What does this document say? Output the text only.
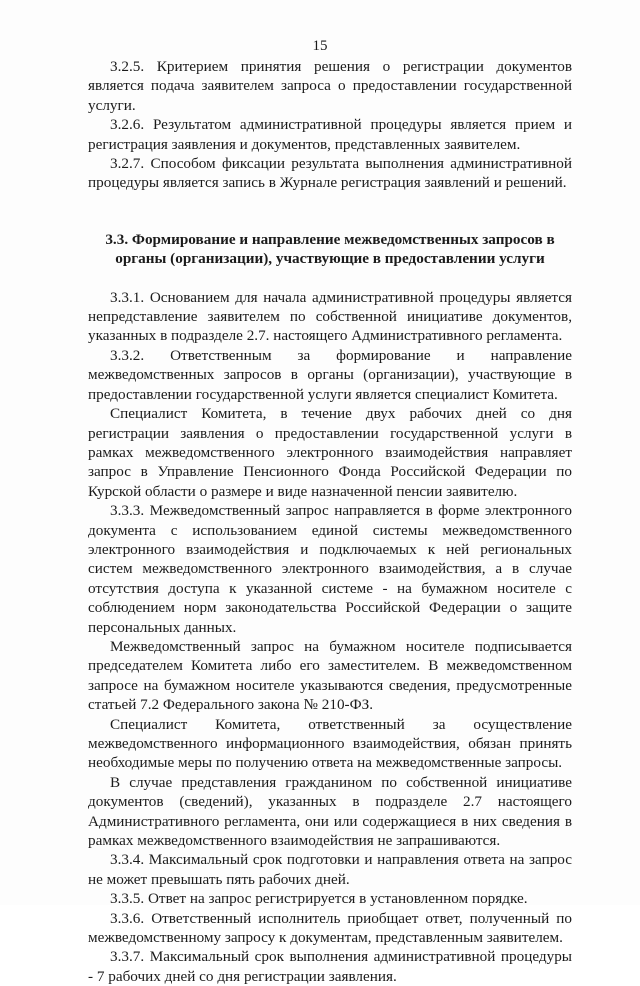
15

3.2.5. Критерием принятия решения о регистрации документов является подача заявителем запроса о предоставлении государственной услуги.

3.2.6. Результатом административной процедуры является прием и регистрация заявления и документов, представленных заявителем.

3.2.7. Способом фиксации результата выполнения административной процедуры является запись в Журнале регистрация заявлений и решений.

3.3. Формирование и направление межведомственных запросов в органы (организации), участвующие в предоставлении услуги

3.3.1. Основанием для начала административной процедуры является непредставление заявителем по собственной инициативе документов, указанных в подразделе 2.7. настоящего Административного регламента.

3.3.2. Ответственным за формирование и направление межведомственных запросов в органы (организации), участвующие в предоставлении государственной услуги является специалист Комитета.

Специалист Комитета, в течение двух рабочих дней со дня регистрации заявления о предоставлении государственной услуги в рамках межведомственного электронного взаимодействия направляет запрос в Управление Пенсионного Фонда Российской Федерации по Курской области о размере и виде назначенной пенсии заявителю.

3.3.3. Межведомственный запрос направляется в форме электронного документа с использованием единой системы межведомственного электронного взаимодействия и подключаемых к ней региональных систем межведомственного электронного взаимодействия, а в случае отсутствия доступа к указанной системе - на бумажном носителе с соблюдением норм законодательства Российской Федерации о защите персональных данных.

Межведомственный запрос на бумажном носителе подписывается председателем Комитета либо его заместителем. В межведомственном запросе на бумажном носителе указываются сведения, предусмотренные статьей 7.2 Федерального закона № 210-ФЗ.

Специалист Комитета, ответственный за осуществление межведомственного информационного взаимодействия, обязан принять необходимые меры по получению ответа на межведомственные запросы.

В случае представления гражданином по собственной инициативе документов (сведений), указанных в подразделе 2.7 настоящего Административного регламента, они или содержащиеся в них сведения в рамках межведомственного взаимодействия не запрашиваются.

3.3.4. Максимальный срок подготовки и направления ответа на запрос не может превышать пять рабочих дней.

3.3.5. Ответ на запрос регистрируется в установленном порядке.

3.3.6. Ответственный исполнитель приобщает ответ, полученный по межведомственному запросу к документам, представленным заявителем.

3.3.7. Максимальный срок выполнения административной процедуры - 7 рабочих дней со дня регистрации заявления.
